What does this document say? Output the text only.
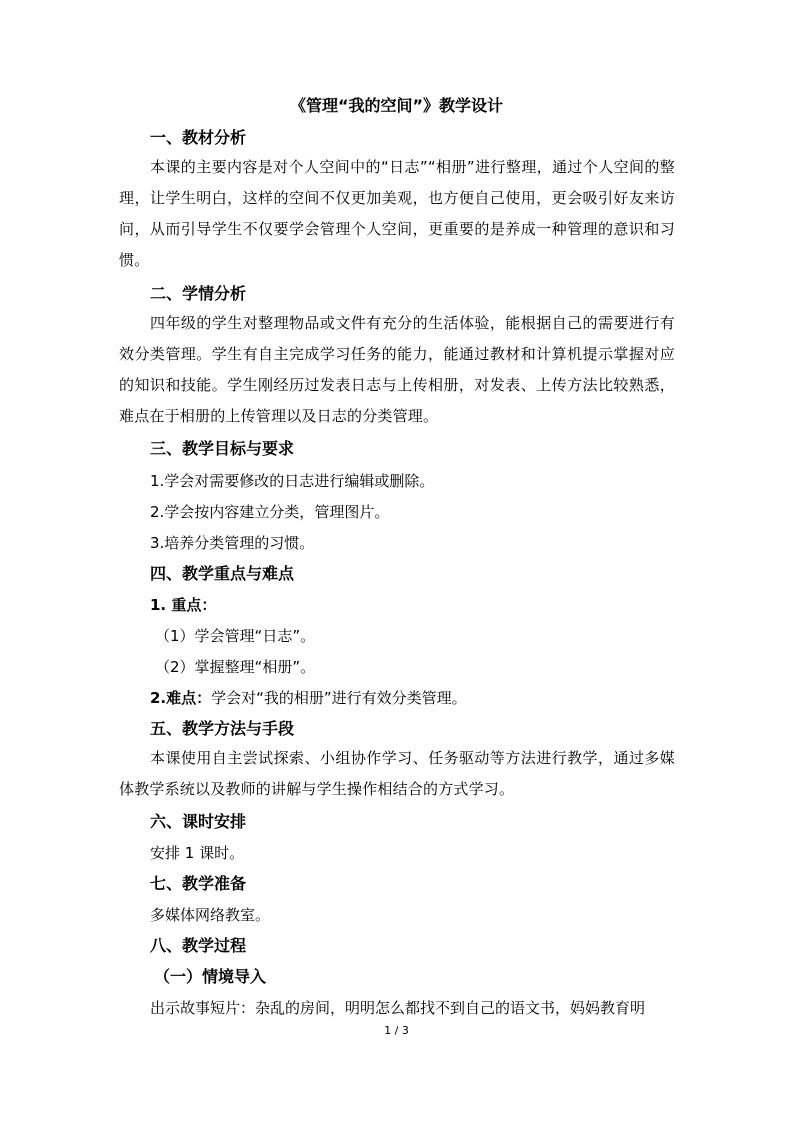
《管理“我的空间”》教学设计
一、教材分析
本课的主要内容是对个人空间中的“日志”“相册”进行整理，通过个人空间的整理，让学生明白，这样的空间不仅更加美观，也方便自己使用，更会吸引好友来访问，从而引导学生不仅要学会管理个人空间，更重要的是养成一种管理的意识和习惯。
二、学情分析
四年级的学生对整理物品或文件有充分的生活体验，能根据自己的需要进行有效分类管理。学生有自主完成学习任务的能力，能通过教材和计算机提示掌握对应的知识和技能。学生刚经历过发表日志与上传相册，对发表、上传方法比较熟悉，难点在于相册的上传管理以及日志的分类管理。
三、教学目标与要求
1.学会对需要修改的日志进行编辑或删除。
2.学会按内容建立分类，管理图片。
3.培养分类管理的习惯。
四、教学重点与难点
1. 重点：
（1）学会管理“日志”。
（2）掌握整理“相册”。
2.难点：学会对“我的相册”进行有效分类管理。
五、教学方法与手段
本课使用自主尝试探索、小组协作学习、任务驱动等方法进行教学，通过多媒体教学系统以及教师的讲解与学生操作相结合的方式学习。
六、课时安排
安排 1 课时。
七、教学准备
多媒体网络教室。
八、教学过程
（一）情境导入
出示故事短片：杂乱的房间，明明怎么都找不到自己的语文书，妈妈教育明
1 / 3
